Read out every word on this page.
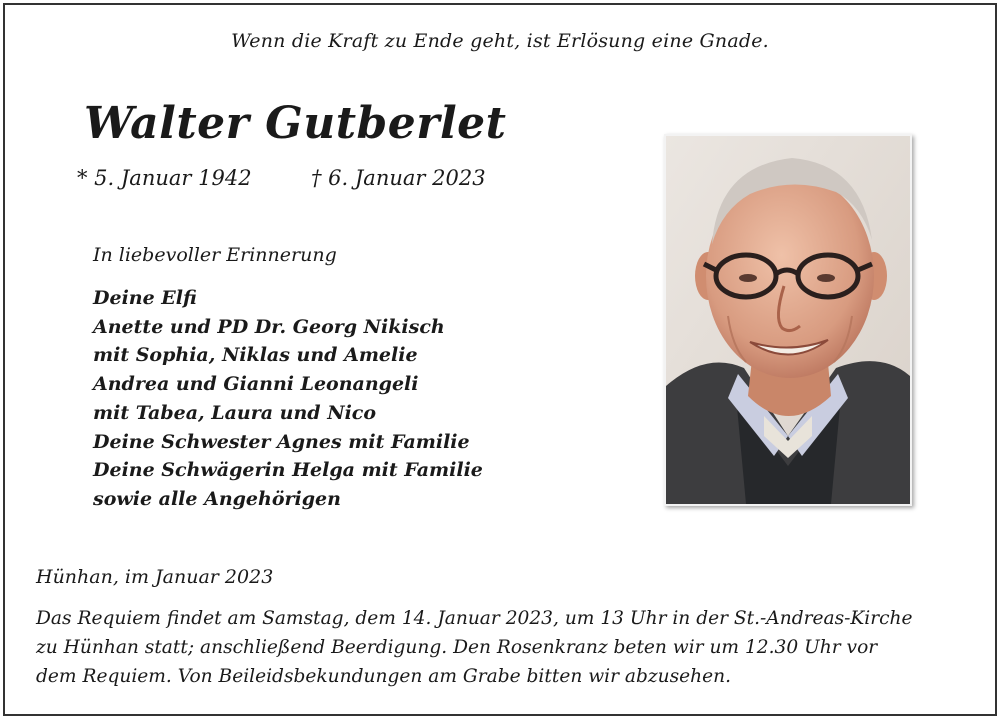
Wenn die Kraft zu Ende geht, ist Erlösung eine Gnade.
Walter Gutberlet
* 5. Januar 1942	† 6. Januar 2023
In liebevoller Erinnerung
Deine Elfi
Anette und PD Dr. Georg Nikisch
mit Sophia, Niklas und Amelie
Andrea und Gianni Leonangeli
mit Tabea, Laura und Nico
Deine Schwester Agnes mit Familie
Deine Schwägerin Helga mit Familie
sowie alle Angehörigen
Hünhan, im Januar 2023

Das Requiem findet am Samstag, dem 14. Januar 2023, um 13 Uhr in der St.-Andreas-Kirche
zu Hünhan statt; anschließend Beerdigung. Den Rosenkranz beten wir um 12.30 Uhr vor
dem Requiem. Von Beileidsbekundungen am Grabe bitten wir abzusehen.
